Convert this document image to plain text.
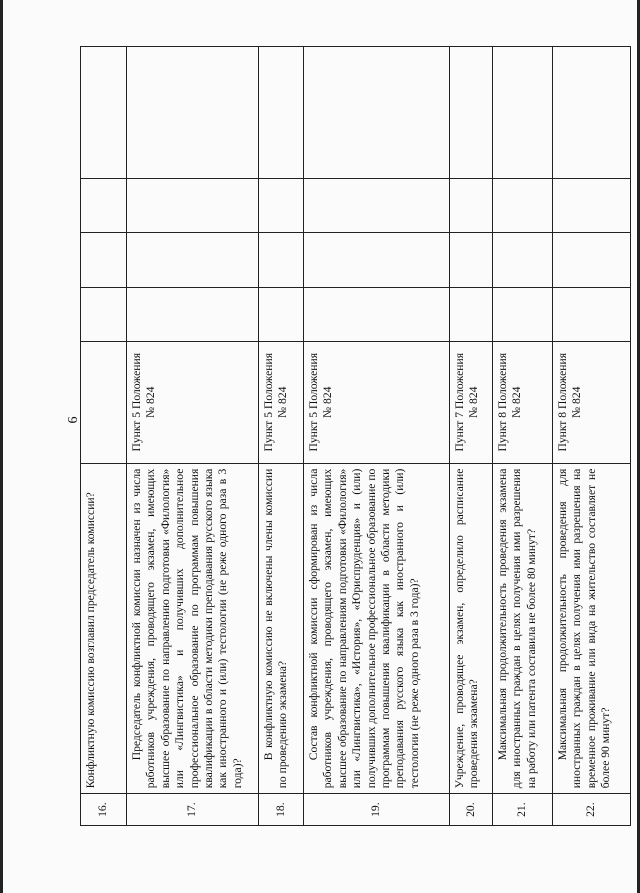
6
16.	Конфликтную комиссию возглавил председатель комиссии?					
17.	Председатель конфликтной комиссии назначен из числа работников учреждения, проводящего экзамен, имеющих высшее образование по направлению подготовки «Филология» или «Лингвистика» и получивших дополнительное профессиональное образование по программам повышения квалификации в области методики преподавания русского языка как иностранного и (или) тестологии (не реже одного раза в 3 года)?	Пункт 5 Положения № 824				
18.	В конфликтную комиссию не включены члены комиссии по проведению экзамена?	Пункт 5 Положения № 824				
19.	Состав конфликтной комиссии сформирован из числа работников учреждения, проводящего экзамен, имеющих высшее образование по направлениям подготовки «Филология» или «Лингвистика», «История», «Юриспруденция» и (или) получивших дополнительное профессиональное образование по программам повышения квалификации в области методики преподавания русского языка как иностранного и (или) тестологии (не реже одного раза в 3 года)?	Пункт 5 Положения № 824				
20.	Учреждение, проводящее экзамен, определило расписание проведения экзамена?	Пункт 7 Положения № 824				
21.	Максимальная продолжительность проведения экзамена для иностранных граждан в целях получения ими разрешения на работу или патента составила не более 80 минут?	Пункт 8 Положения № 824				
22.	Максимальная продолжительность проведения для иностранных граждан в целях получения ими разрешения на временное проживание или вида на жительство составляет не более 90 минут?	Пункт 8 Положения № 824				
